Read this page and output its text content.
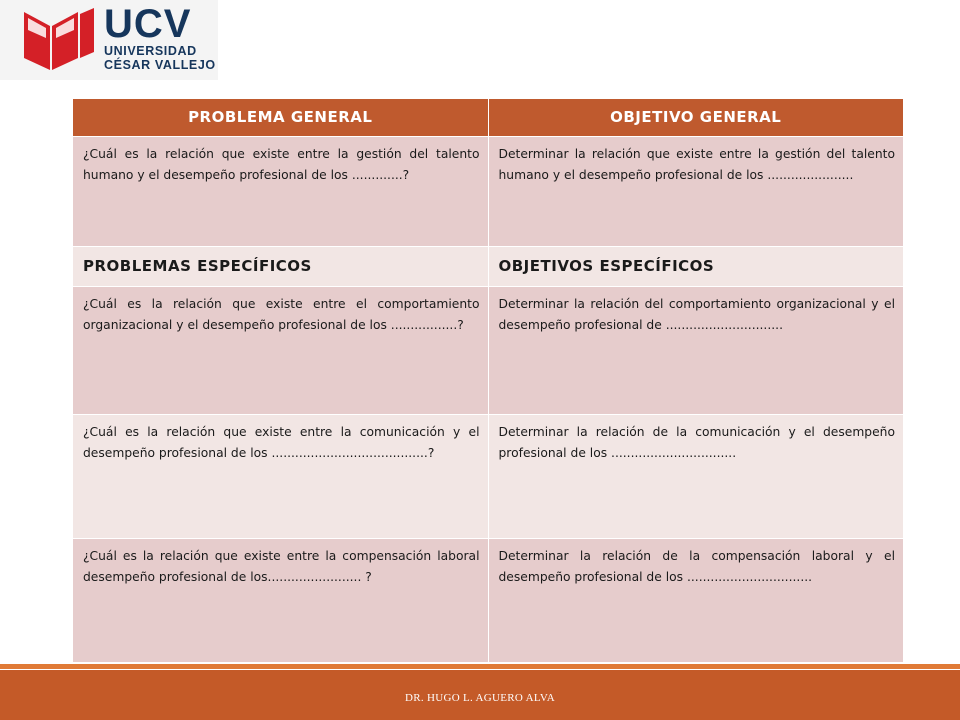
UCV
UNIVERSIDAD
CÉSAR VALLEJO
PROBLEMA GENERAL	OBJETIVO GENERAL
¿Cuál es la relación que existe entre la gestión del talento humano y el desempeño profesional de los .............?	Determinar la relación que existe entre la gestión del talento humano y el desempeño profesional de los ......................
PROBLEMAS ESPECÍFICOS	OBJETIVOS ESPECÍFICOS
¿Cuál es la relación que existe entre el comportamiento organizacional y el desempeño profesional de los .................?	Determinar la relación del comportamiento organizacional y el desempeño profesional de ..............................
¿Cuál es la relación que existe entre la comunicación y el desempeño profesional de los ........................................?	Determinar la relación de la comunicación y el desempeño profesional de los ................................
¿Cuál es la relación que existe entre la compensación laboral desempeño profesional de los........................ ?	Determinar la relación de la compensación laboral y el desempeño profesional de los ................................
DR. HUGO L. AGUERO ALVA
